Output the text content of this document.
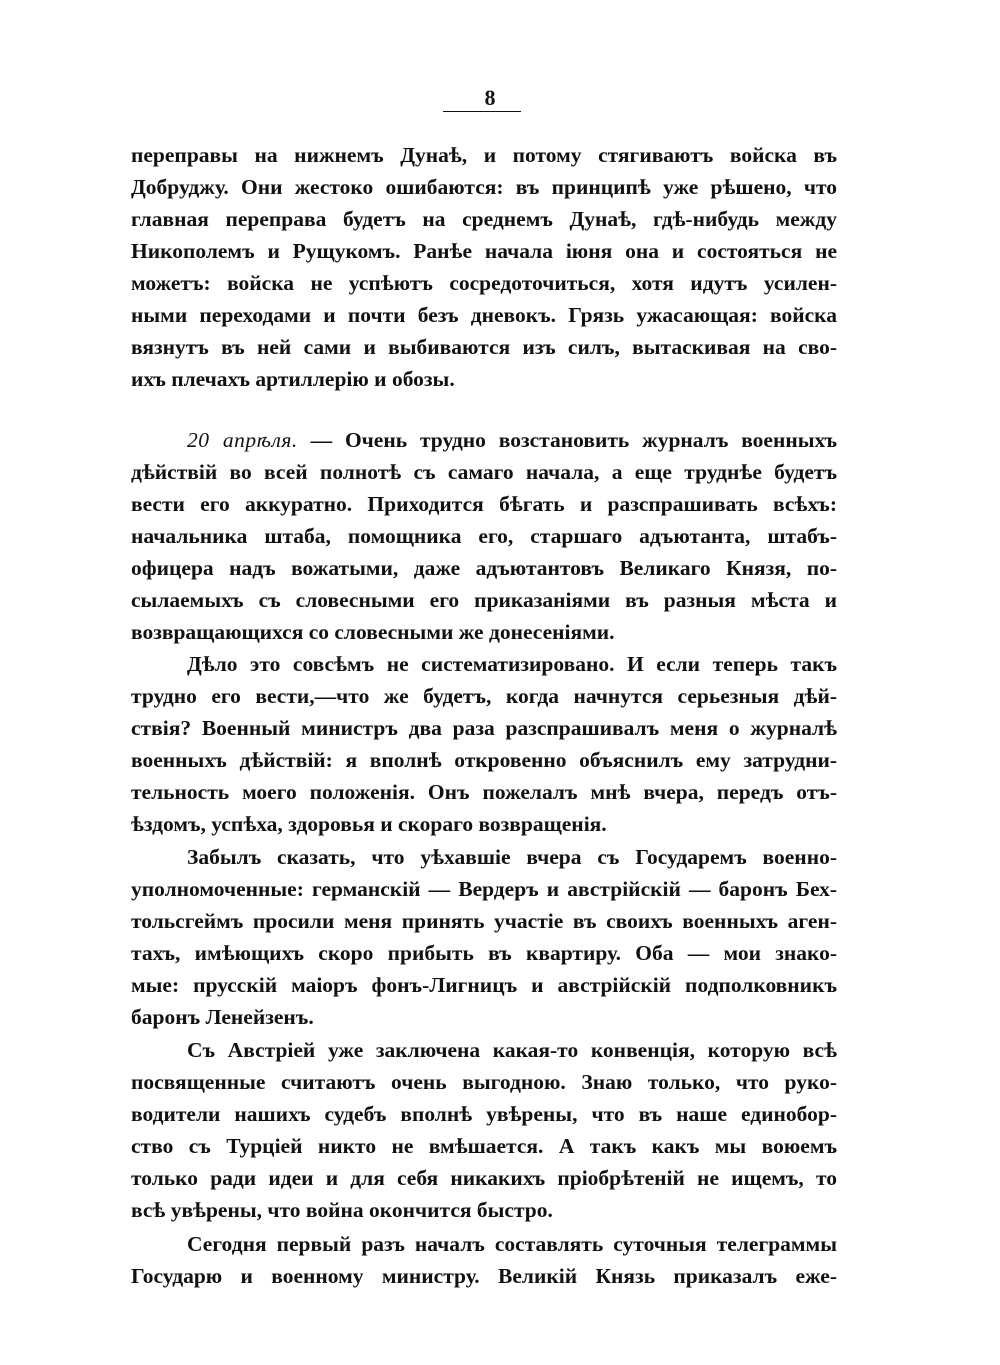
8
переправы на нижнемъ Дунаѣ, и потому стягиваютъ войска въ
Добруджу. Они жестоко ошибаются: въ принципѣ уже рѣшено, что
главная переправа будетъ на среднемъ Дунаѣ, гдѣ-нибудь между
Никополемъ и Рущукомъ. Ранѣе начала iюня она и состояться не
можетъ: войска не успѣютъ сосредоточиться, хотя идутъ усилен-
ными переходами и почти безъ дневокъ. Грязь ужасающая: войска
вязнутъ въ ней сами и выбиваются изъ силъ, вытаскивая на сво-
ихъ плечахъ артиллерiю и обозы.
20 апрѣля. — Очень трудно возстановить журналъ военныхъ
дѣйствiй во всей полнотѣ съ самаго начала, а еще труднѣе будетъ
вести его аккуратно. Приходится бѣгать и разспрашивать всѣхъ:
начальника штаба, помощника его, старшаго адъютанта, штабъ-
офицера надъ вожатыми, даже адъютантовъ Великаго Князя, по-
сылаемыхъ съ словесными его приказанiями въ разныя мѣста и
возвращающихся со словесными же донесенiями.
Дѣло это совсѣмъ не систематизировано. И если теперь такъ
трудно его вести,—что же будетъ, когда начнутся серьезныя дѣй-
ствiя? Военный министръ два раза разспрашивалъ меня о журналѣ
военныхъ дѣйствiй: я вполнѣ откровенно объяснилъ ему затрудни-
тельность моего положенiя. Онъ пожелалъ мнѣ вчера, передъ отъ-
ѣздомъ, успѣха, здоровья и скораго возвращенiя.
Забылъ сказать, что уѣхавшiе вчера съ Государемъ военно-
уполномоченные: германскiй — Вердеръ и австрiйскiй — баронъ Бех-
тольсгеймъ просили меня принять участiе въ своихъ военныхъ аген-
тахъ, имѣющихъ скоро прибыть въ квартиру. Оба — мои знако-
мые: прусскiй маiоръ фонъ-Лигницъ и австрiйскiй подполковникъ
баронъ Ленейзенъ.
Съ Австрiей уже заключена какая-то конвенцiя, которую всѣ
посвященные считаютъ очень выгодною. Знаю только, что руко-
водители нашихъ судебъ вполнѣ увѣрены, что въ наше единобор-
ство съ Турцiей никто не вмѣшается. А такъ какъ мы воюемъ
только ради идеи и для себя никакихъ прiобрѣтенiй не ищемъ, то
всѣ увѣрены, что война окончится быстро.
Сегодня первый разъ началъ составлять суточныя телеграммы
Государю и военному министру. Великiй Князь приказалъ еже-
